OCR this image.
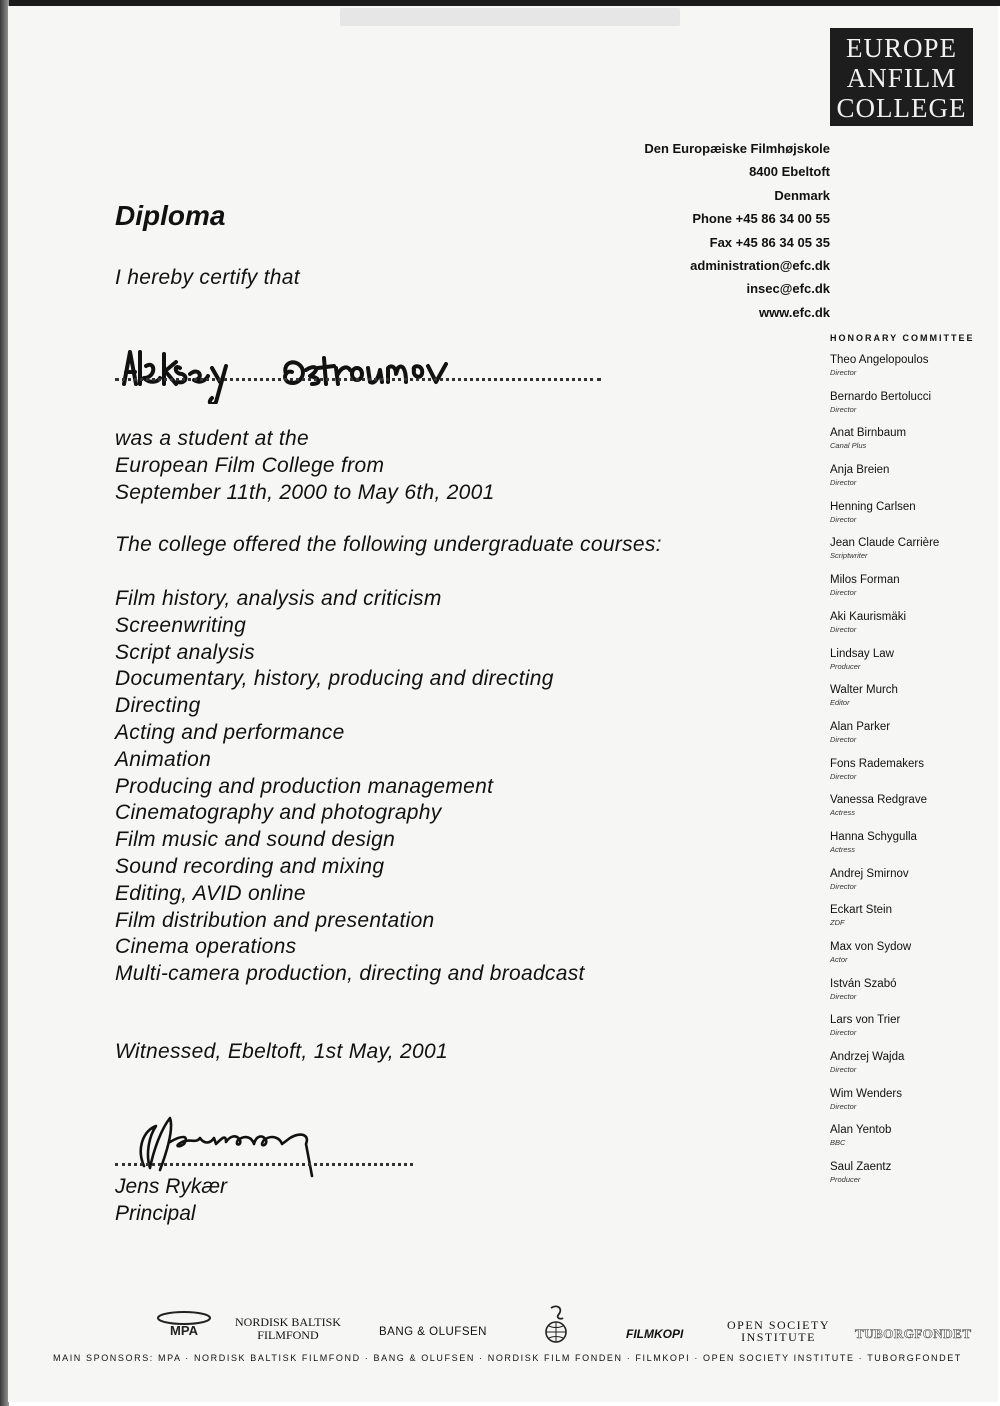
EUROPE
ANFILM
COLLEGE
Den Europæiske Filmhøjskole
8400 Ebeltoft
Denmark
Phone +45 86 34 00 55
Fax +45 86 34 05 35
administration@efc.dk
insec@efc.dk
www.efc.dk
Diploma
I hereby certify that
was a student at the
European Film College from
September 11th, 2000 to May 6th, 2001
The college offered the following undergraduate courses:
Film history, analysis and criticism
Screenwriting
Script analysis
Documentary, history, producing and directing
Directing
Acting and performance
Animation
Producing and production management
Cinematography and photography
Film music and sound design
Sound recording and mixing
Editing, AVID online
Film distribution and presentation
Cinema operations
Multi-camera production, directing and broadcast
Witnessed, Ebeltoft, 1st May, 2001
Jens Rykær
Principal
HONORARY COMMITTEE
Theo Angelopoulos
Director
Bernardo Bertolucci
Director
Anat Birnbaum
Canal Plus
Anja Breien
Director
Henning Carlsen
Director
Jean Claude Carrière
Scriptwriter
Milos Forman
Director
Aki Kaurismäki
Director
Lindsay Law
Producer
Walter Murch
Editor
Alan Parker
Director
Fons Rademakers
Director
Vanessa Redgrave
Actress
Hanna Schygulla
Actress
Andrej Smirnov
Director
Eckart Stein
ZDF
Max von Sydow
Actor
István Szabó
Director
Lars von Trier
Director
Andrzej Wajda
Director
Wim Wenders
Director
Alan Yentob
BBC
Saul Zaentz
Producer
MPA
NORDISK BALTISK
FILMFOND	BANG & OLUFSEN	FILMKOPI
OPEN SOCIETY
INSTITUTE	TUBORGFONDET
MAIN SPONSORS: MPA · NORDISK BALTISK FILMFOND · BANG & OLUFSEN · NORDISK FILM FONDEN · FILMKOPI · OPEN SOCIETY INSTITUTE · TUBORGFONDET
